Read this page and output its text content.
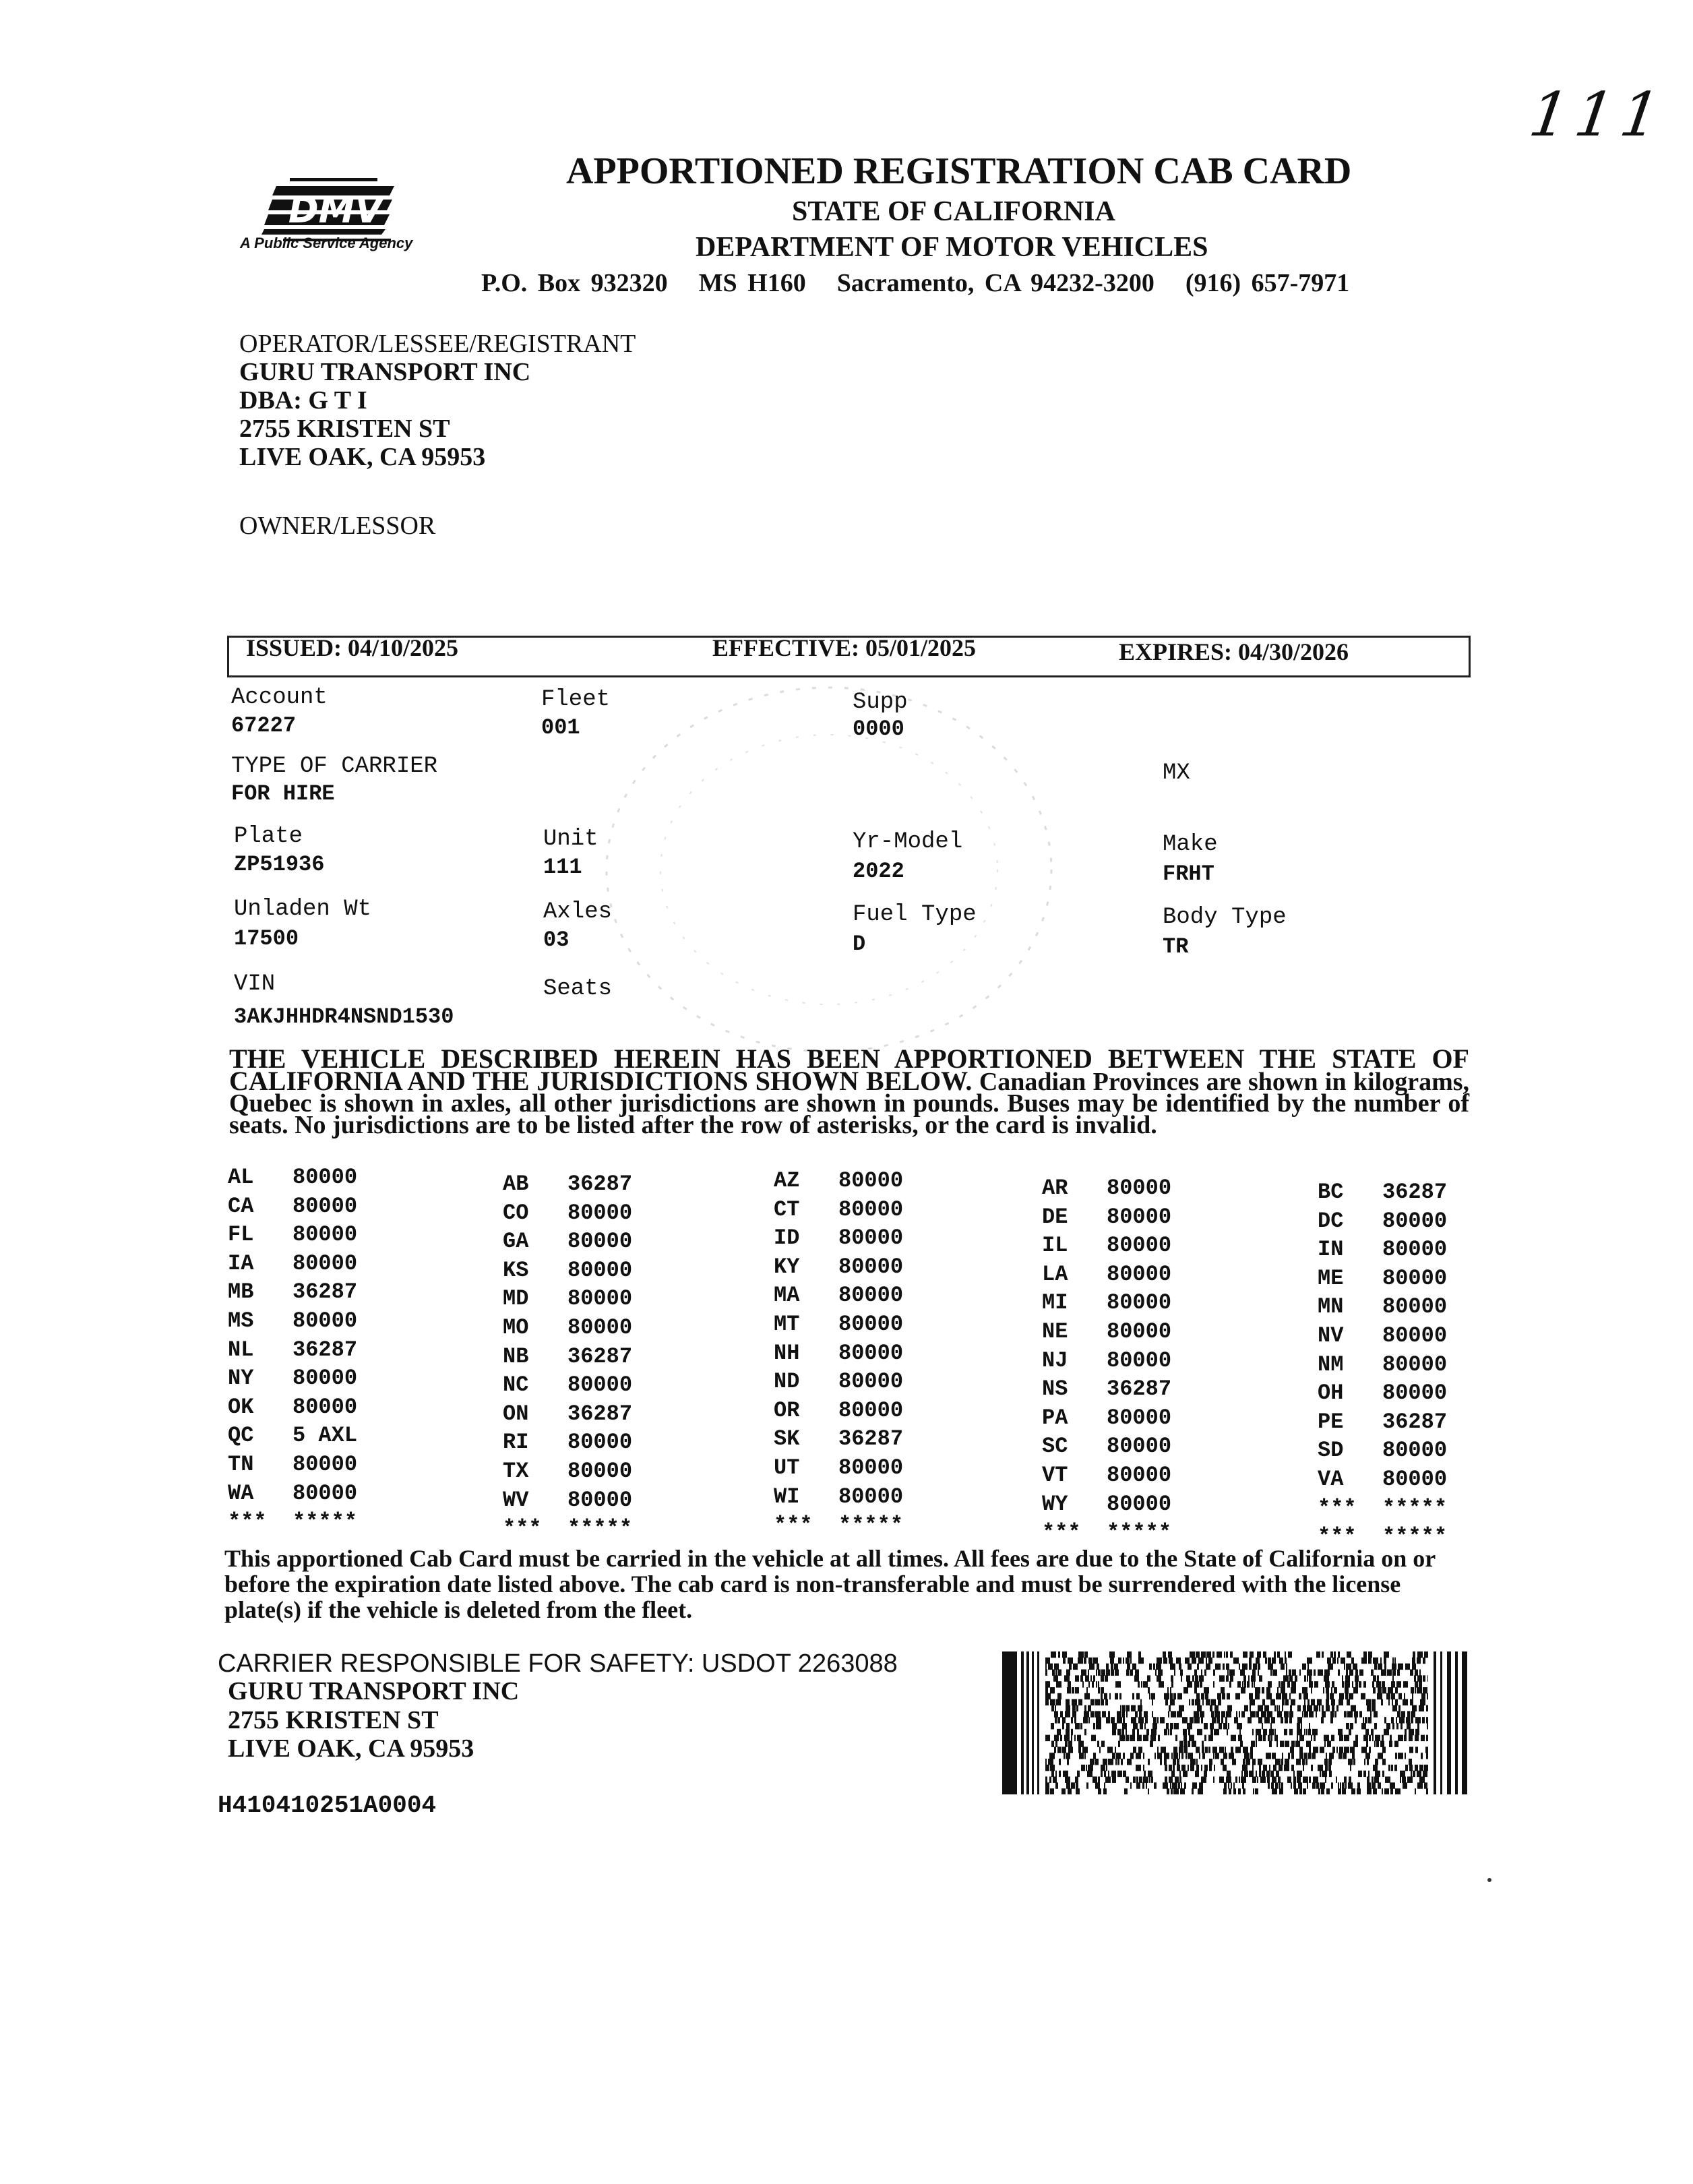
111
DMV
A Public Service Agency
APPORTIONED REGISTRATION CAB CARD
STATE OF CALIFORNIA
DEPARTMENT OF MOTOR VEHICLES
P.O. Box 932320 MS H160 Sacramento, CA 94232-3200 (916) 657-7971
OPERATOR/LESSEE/REGISTRANT
GURU TRANSPORT INC
DBA: G T I
2755 KRISTEN ST
LIVE OAK, CA 95953
OWNER/LESSOR
ISSUED: 04/10/2025	EFFECTIVE: 05/01/2025	EXPIRES: 04/30/2026
Account
67227
Fleet
001
Supp
0000
TYPE OF CARRIER
FOR HIRE
MX
Plate
ZP51936
Unit
111
Yr-Model
2022
Make
FRHT
Unladen Wt
17500
Axles
03
Fuel Type
D
Body Type
TR
VIN
3AKJHHDR4NSND1530
Seats
THE VEHICLE DESCRIBED HEREIN HAS BEEN APPORTIONED BETWEEN THE STATE OF CALIFORNIA AND THE JURISDICTIONS SHOWN BELOW. Canadian Provinces are shown in kilograms, Quebec is shown in axles, all other jurisdictions are shown in pounds. Buses may be identified by the number of seats. No jurisdictions are to be listed after the row of asterisks, or the card is invalid.
AL 80000
CA 80000
FL 80000
IA 80000
MB 36287
MS 80000
NL 36287
NY 80000
OK 80000
QC 5 AXL
TN 80000
WA 80000
*** *****
AB 36287
CO 80000
GA 80000
KS 80000
MD 80000
MO 80000
NB 36287
NC 80000
ON 36287
RI 80000
TX 80000
WV 80000
*** *****
AZ 80000
CT 80000
ID 80000
KY 80000
MA 80000
MT 80000
NH 80000
ND 80000
OR 80000
SK 36287
UT 80000
WI 80000
*** *****
AR 80000
DE 80000
IL 80000
LA 80000
MI 80000
NE 80000
NJ 80000
NS 36287
PA 80000
SC 80000
VT 80000
WY 80000
*** *****
BC 36287
DC 80000
IN 80000
ME 80000
MN 80000
NV 80000
NM 80000
OH 80000
PE 36287
SD 80000
VA 80000
*** *****
*** *****
This apportioned Cab Card must be carried in the vehicle at all times. All fees are due to the State of California on or before the expiration date listed above. The cab card is non-transferable and must be surrendered with the license plate(s) if the vehicle is deleted from the fleet.
CARRIER RESPONSIBLE FOR SAFETY: USDOT 2263088
GURU TRANSPORT INC
2755 KRISTEN ST
LIVE OAK, CA 95953
H410410251A0004
